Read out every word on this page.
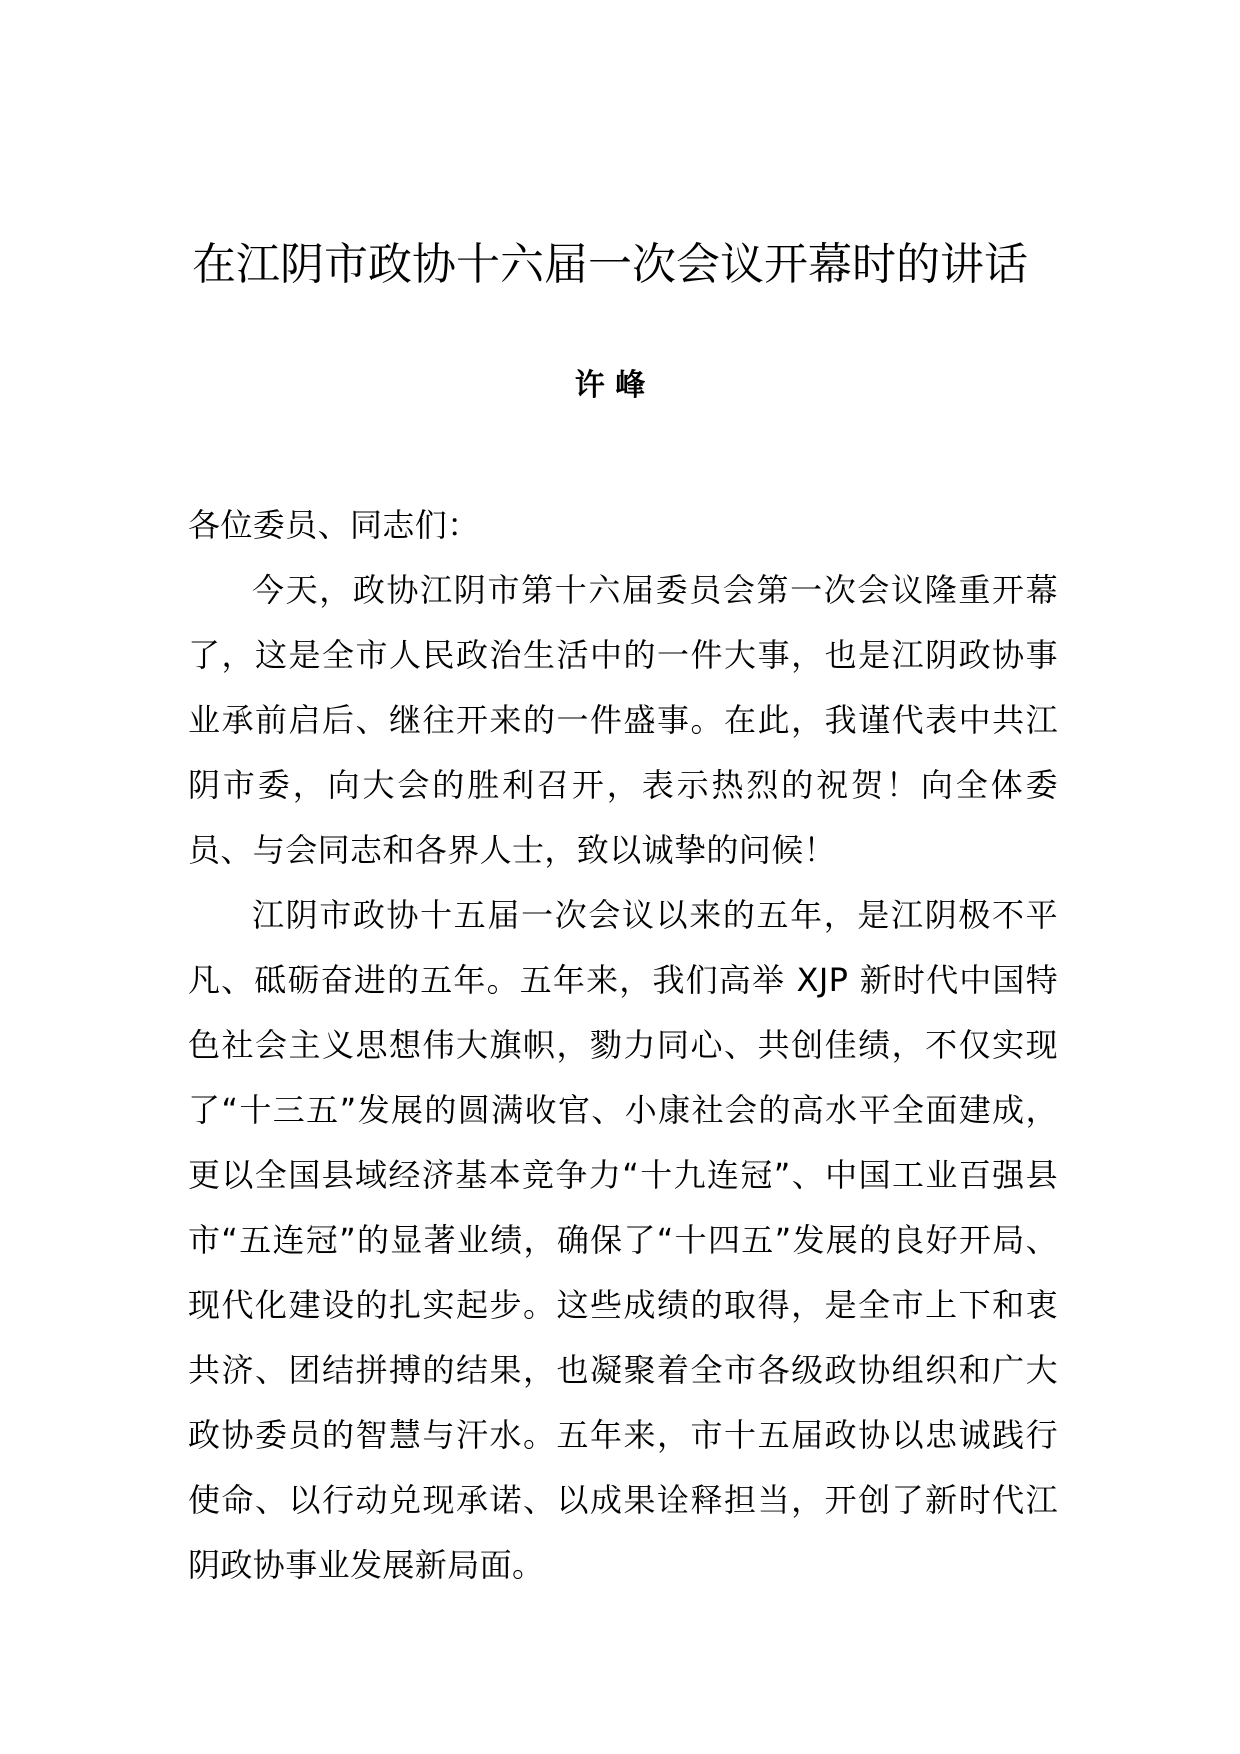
在江阴市政协十六届一次会议开幕时的讲话
许 峰

各位委员、同志们：

今天，政协江阴市第十六届委员会第一次会议隆重开幕了，这是全市人民政治生活中的一件大事，也是江阴政协事业承前启后、继往开来的一件盛事。在此，我谨代表中共江阴市委，向大会的胜利召开，表示热烈的祝贺！向全体委员、与会同志和各界人士，致以诚挚的问候！

江阴市政协十五届一次会议以来的五年，是江阴极不平凡、砥砺奋进的五年。五年来，我们高举 XJP 新时代中国特色社会主义思想伟大旗帜，勠力同心、共创佳绩，不仅实现了“十三五”发展的圆满收官、小康社会的高水平全面建成，更以全国县域经济基本竞争力“十九连冠”、中国工业百强县市“五连冠”的显著业绩，确保了“十四五”发展的良好开局、现代化建设的扎实起步。这些成绩的取得，是全市上下和衷共济、团结拼搏的结果，也凝聚着全市各级政协组织和广大政协委员的智慧与汗水。五年来，市十五届政协以忠诚践行使命、以行动兑现承诺、以成果诠释担当，开创了新时代江阴政协事业发展新局面。
